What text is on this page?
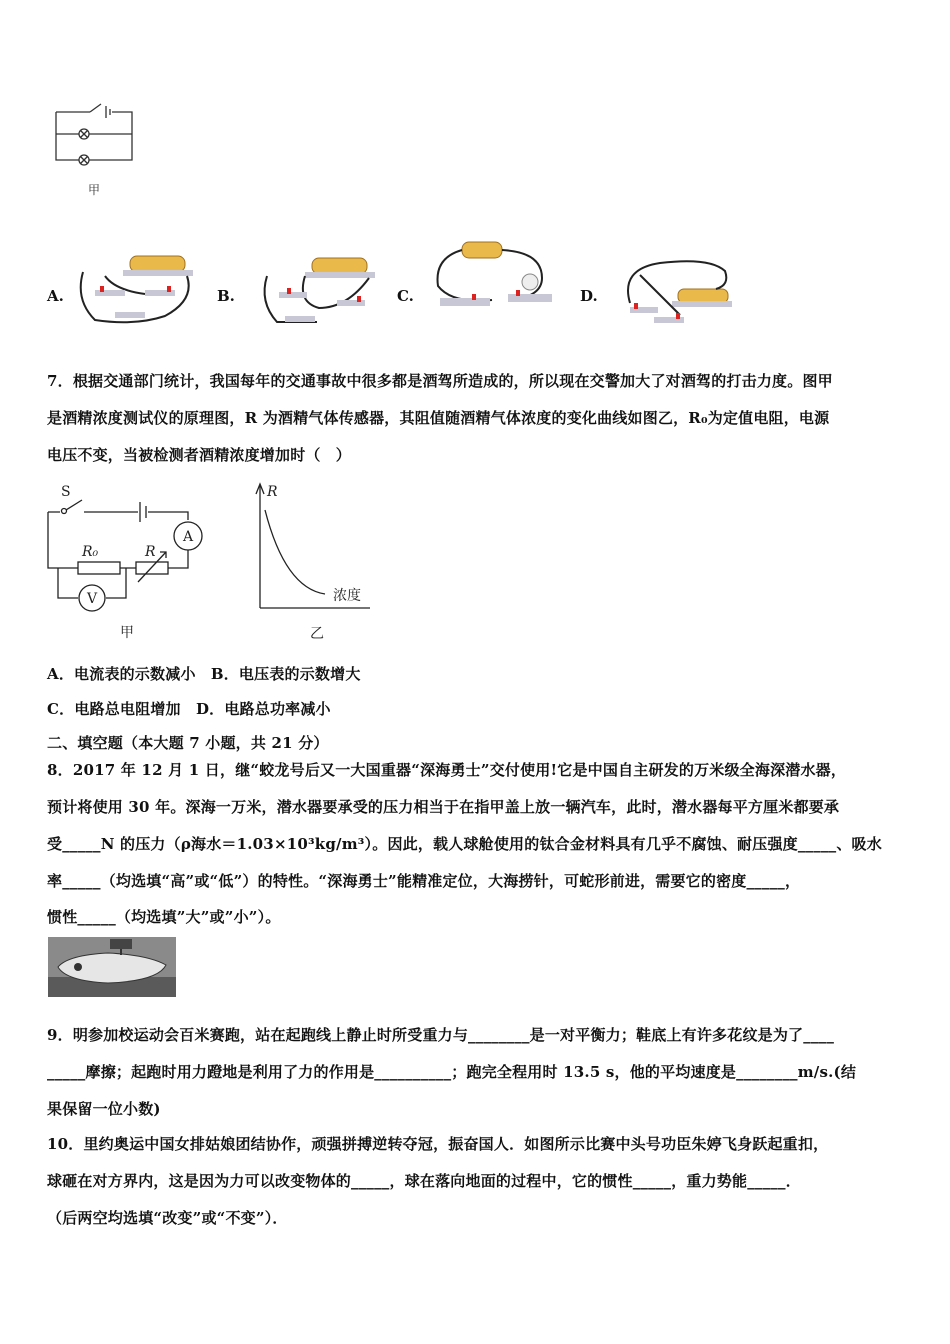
甲
A.	B.	C.	D.
7．根据交通部门统计，我国每年的交通事故中很多都是酒驾所造成的，所以现在交警加大了对酒驾的打击力度。图甲
是酒精浓度测试仪的原理图，R 为酒精气体传感器，其阻值随酒精气体浓度的变化曲线如图乙，R₀为定值电阻，电源
电压不变，当被检测者酒精浓度增加时（　）
S
A
R₀	R
V
甲
R
浓度
乙
A．电流表的示数减小　B．电压表的示数增大
C．电路总电阻增加　D．电路总功率减小
二、填空题（本大题 7 小题，共 21 分）
8．2017 年 12 月 1 日，继“蛟龙号后又一大国重器“深海勇士”交付使用!它是中国自主研发的万米级全海深潜水器，
预计将使用 30 年。深海一万米，潜水器要承受的压力相当于在指甲盖上放一辆汽车，此时，潜水器每平方厘米都要承
受_____N 的压力（ρ海水＝1.03×10³kg/m³）。因此，载人球舱使用的钛合金材料具有几乎不腐蚀、耐压强度_____、吸水
率_____（均选填“高”或“低”）的特性。“深海勇士”能精准定位，大海捞针，可蛇形前进，需要它的密度_____，
惯性_____（均选填”大”或”小”）。
9．明参加校运动会百米赛跑，站在起跑线上静止时所受重力与________是一对平衡力；鞋底上有许多花纹是为了____
_____摩擦；起跑时用力蹬地是利用了力的作用是__________；跑完全程用时 13.5 s，他的平均速度是________m/s.(结
果保留一位小数)
10．里约奥运中国女排姑娘团结协作，顽强拼搏逆转夺冠，振奋国人．如图所示比赛中头号功臣朱婷飞身跃起重扣，
球砸在对方界内，这是因为力可以改变物体的_____，球在落向地面的过程中，它的惯性_____，重力势能_____．
（后两空均选填“改变”或“不变”）．
